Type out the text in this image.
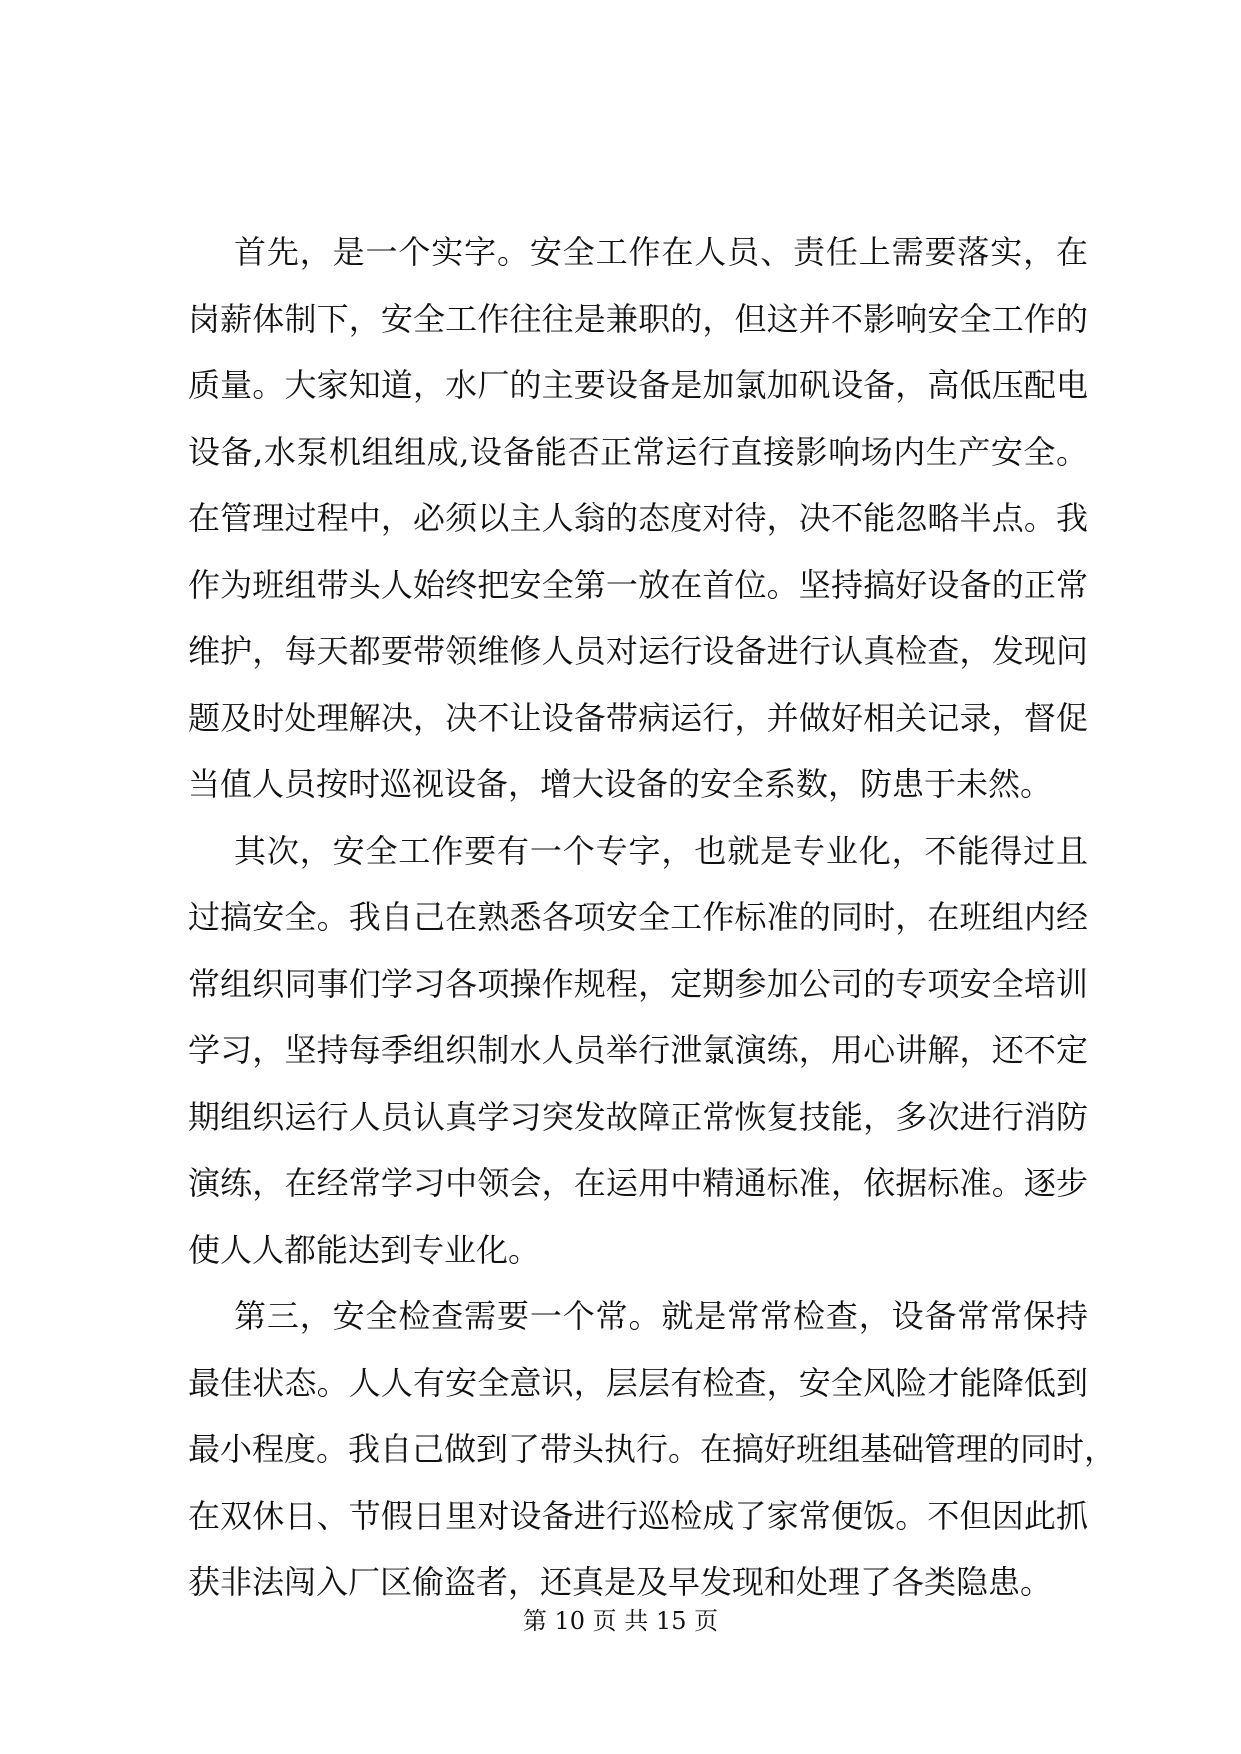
首先，是一个实字。安全工作在人员、责任上需要落实，在
岗薪体制下，安全工作往往是兼职的，但这并不影响安全工作的
质量。大家知道，水厂的主要设备是加氯加矾设备，高低压配电
设备,水泵机组组成,设备能否正常运行直接影响场内生产安全。
在管理过程中，必须以主人翁的态度对待，决不能忽略半点。我
作为班组带头人始终把安全第一放在首位。坚持搞好设备的正常
维护，每天都要带领维修人员对运行设备进行认真检查，发现问
题及时处理解决，决不让设备带病运行，并做好相关记录，督促
当值人员按时巡视设备，增大设备的安全系数，防患于未然。
其次，安全工作要有一个专字，也就是专业化，不能得过且
过搞安全。我自己在熟悉各项安全工作标准的同时，在班组内经
常组织同事们学习各项操作规程，定期参加公司的专项安全培训
学习，坚持每季组织制水人员举行泄氯演练，用心讲解，还不定
期组织运行人员认真学习突发故障正常恢复技能，多次进行消防
演练，在经常学习中领会，在运用中精通标准，依据标准。逐步
使人人都能达到专业化。
第三，安全检查需要一个常。就是常常检查，设备常常保持
最佳状态。人人有安全意识，层层有检查，安全风险才能降低到
最小程度。我自己做到了带头执行。在搞好班组基础管理的同时，
在双休日、节假日里对设备进行巡检成了家常便饭。不但因此抓
获非法闯入厂区偷盗者，还真是及早发现和处理了各类隐患。
第 10 页 共 15 页
